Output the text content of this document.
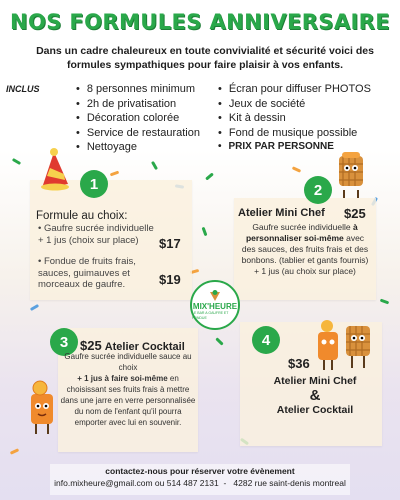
NOS FORMULES ANNIVERSAIRE
Dans un cadre chaleureux en toute convivialité et sécurité voici des formules sympathiques pour faire plaisir à vos enfants.
INCLUS
•	8 personnes minimum
• 2h de privatisation
• Décoration colorée
• Service de restauration
• Nettoyage
• Écran pour diffuser PHOTOS
• Jeux de société
• Kit à dessin
• Fond de musique possible
• PRIX PAR PERSONNE
1
Formule au choix:
• Gaufre sucrée individuelle
+ 1 jus (choix sur place)	$17
• Fondue de fruits frais,
sauces, guimauves et
morceaux de gaufre.	$19
2
Atelier Mini Chef $25
Gaufre sucrée individuelle à personnaliser soi-même avec des sauces, des fruits frais et des bonbons. (tablier et gants fournis)
+ 1 jus (au choix sur place)
MIX'HEURE
LE BAR A GAUFRE ET FONDUE
3 $25 Atelier Cocktail
Gaufre sucrée individuelle sauce au choix
+ 1 jus à faire soi-même en choisissant ses fruits frais à mettre dans une jarre en verre personnalisée du nom de l'enfant qu'il pourra emporter avec lui en souvenir.
4
$36
Atelier Mini Chef
&
Atelier Cocktail
contactez-nous pour réserver votre évènement
info.mixheure@gmail.com ou 514 487 2131 - 4282 rue saint-denis montreal
